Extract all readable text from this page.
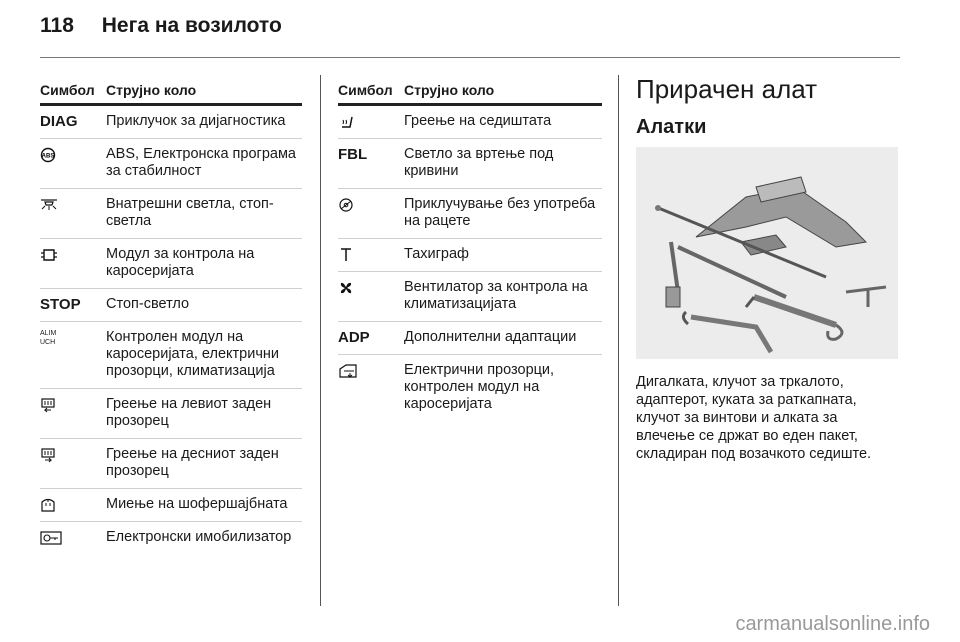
118 Нега на возилото
Симбол Струјно коло
DIAG	Приклучок за дијагностика
ABS	ABS, Електронска програма за стабилност
Внатрешни светла, стоп-светла
Модул за контрола на каросеријата
STOP	Стоп-светло
ALIM UCH	Контролен модул на каросеријата, електрични прозорци, климатизација
Греење на левиот заден прозорец
Греење на десниот заден прозорец
Миење на шофершајбната
Електронски имобилизатор
Симбол Струјно коло
Греење на седиштата
FBL	Светло за вртење под кривини
Приклучување без употреба на рацете
Тахиграф
Вентилатор за контрола на климатизацијата
ADP	Дополнителни адаптации
Електрични прозорци, контролен модул на каросеријата
Прирачен алат
Алатки

Дигалката, клучот за тркалото, адаптерот, куката за раткапната, клучот за винтови и алката за влечење се држат во еден пакет, складиран под возачкото седиште.

carmanualsonline.info
